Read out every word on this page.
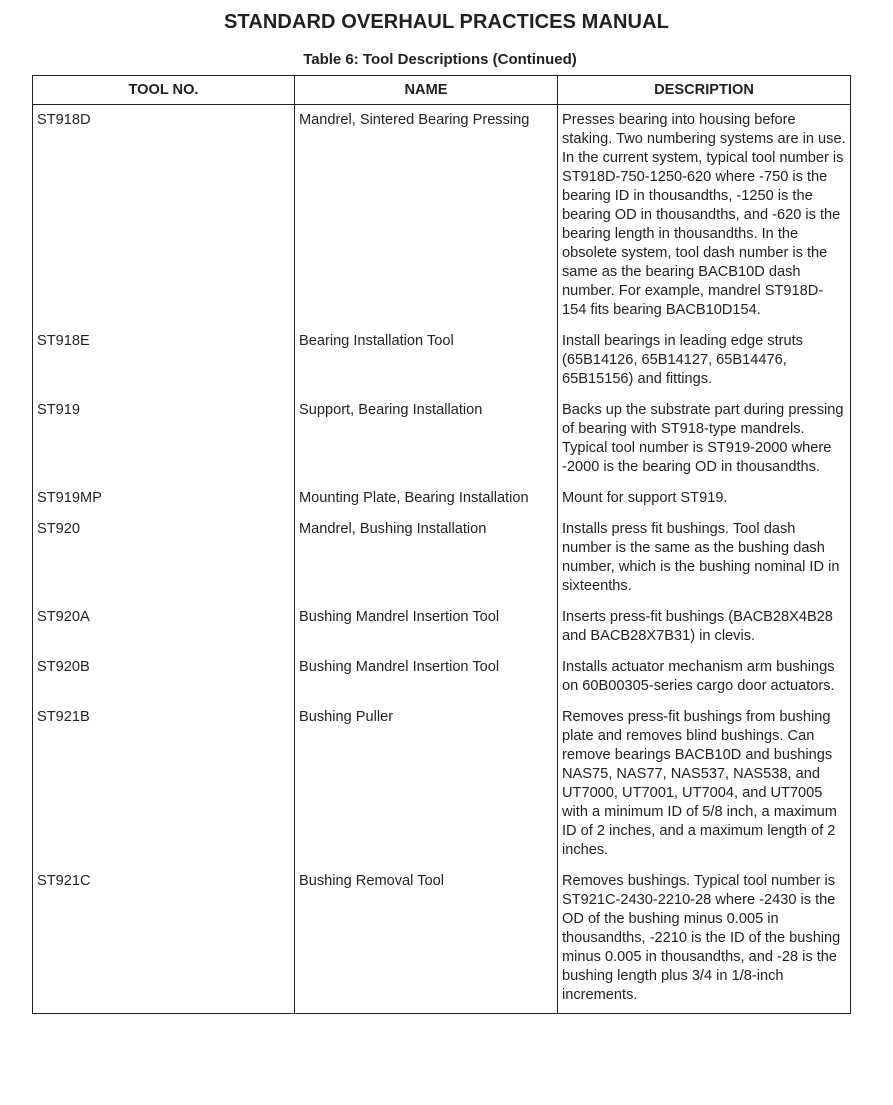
STANDARD OVERHAUL PRACTICES MANUAL
Table 6: Tool Descriptions (Continued)
TOOL NO.	NAME	DESCRIPTION
ST918D	Mandrel, Sintered Bearing Pressing	Presses bearing into housing before staking. Two numbering systems are in use. In the current system, typical tool number is ST918D-750-1250-620 where -750 is the bearing ID in thousandths, -1250 is the bearing OD in thousandths, and -620 is the bearing length in thousandths. In the obsolete system, tool dash number is the same as the bearing BACB10D dash number. For example, mandrel ST918D-154 fits bearing BACB10D154.
ST918E	Bearing Installation Tool	Install bearings in leading edge struts (65B14126, 65B14127, 65B14476, 65B15156) and fittings.
ST919	Support, Bearing Installation	Backs up the substrate part during pressing of bearing with ST918-type mandrels. Typical tool number is ST919-2000 where -2000 is the bearing OD in thousandths.
ST919MP	Mounting Plate, Bearing Installation	Mount for support ST919.
ST920	Mandrel, Bushing Installation	Installs press fit bushings. Tool dash number is the same as the bushing dash number, which is the bushing nominal ID in sixteenths.
ST920A	Bushing Mandrel Insertion Tool	Inserts press-fit bushings (BACB28X4B28 and BACB28X7B31) in clevis.
ST920B	Bushing Mandrel Insertion Tool	Installs actuator mechanism arm bushings on 60B00305-series cargo door actuators.
ST921B	Bushing Puller	Removes press-fit bushings from bushing plate and removes blind bushings. Can remove bearings BACB10D and bushings NAS75, NAS77, NAS537, NAS538, and UT7000, UT7001, UT7004, and UT7005 with a minimum ID of 5/8 inch, a maximum ID of 2 inches, and a maximum length of 2 inches.
ST921C	Bushing Removal Tool	Removes bushings. Typical tool number is ST921C-2430-2210-28 where -2430 is the OD of the bushing minus 0.005 in thousandths, -2210 is the ID of the bushing minus 0.005 in thousandths, and -28 is the bushing length plus 3/4 in 1/8-inch increments.
